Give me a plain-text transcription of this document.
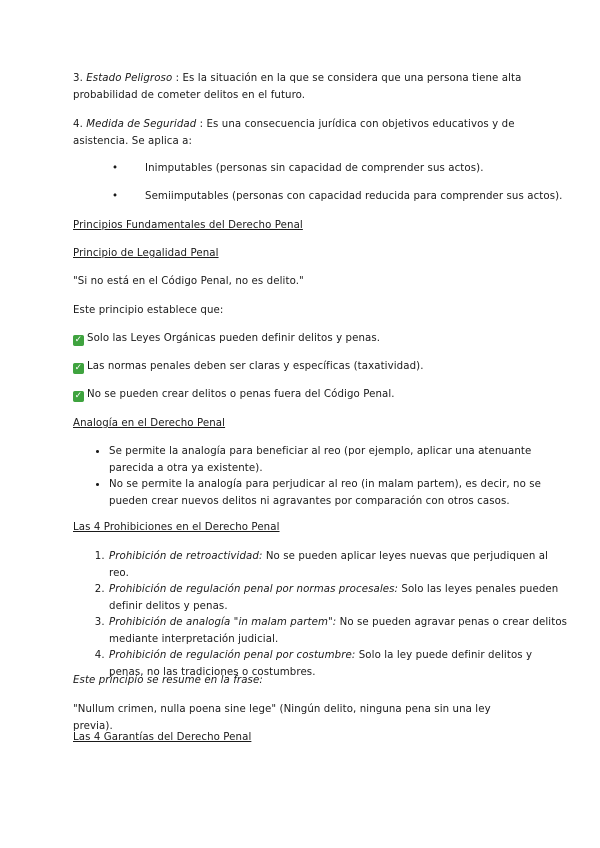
3. Estado Peligroso : Es la situación en la que se considera que una persona tiene alta probabilidad de cometer delitos en el futuro.

4. Medida de Seguridad : Es una consecuencia jurídica con objetivos educativos y de asistencia. Se aplica a:

•	Inimputables (personas sin capacidad de comprender sus actos).
•	Semiimputables (personas con capacidad reducida para comprender sus actos).

Principios Fundamentales del Derecho Penal

Principio de Legalidad Penal

"Si no está en el Código Penal, no es delito."

Este principio establece que:

✓ Solo las Leyes Orgánicas pueden definir delitos y penas.

✓ Las normas penales deben ser claras y específicas (taxatividad).

✓ No se pueden crear delitos o penas fuera del Código Penal.

Analogía en el Derecho Penal

• Se permite la analogía para beneficiar al reo (por ejemplo, aplicar una atenuante parecida a otra ya existente).
• No se permite la analogía para perjudicar al reo (in malam partem), es decir, no se pueden crear nuevos delitos ni agravantes por comparación con otros casos.

Las 4 Prohibiciones en el Derecho Penal

1. Prohibición de retroactividad: No se pueden aplicar leyes nuevas que perjudiquen al reo.
2. Prohibición de regulación penal por normas procesales: Solo las leyes penales pueden definir delitos y penas.
3. Prohibición de analogía "in malam partem": No se pueden agravar penas o crear delitos mediante interpretación judicial.
4. Prohibición de regulación penal por costumbre: Solo la ley puede definir delitos y penas, no las tradiciones o costumbres.

Este principio se resume en la frase:

"Nullum crimen, nulla poena sine lege" (Ningún delito, ninguna pena sin una ley previa).

Las 4 Garantías del Derecho Penal
